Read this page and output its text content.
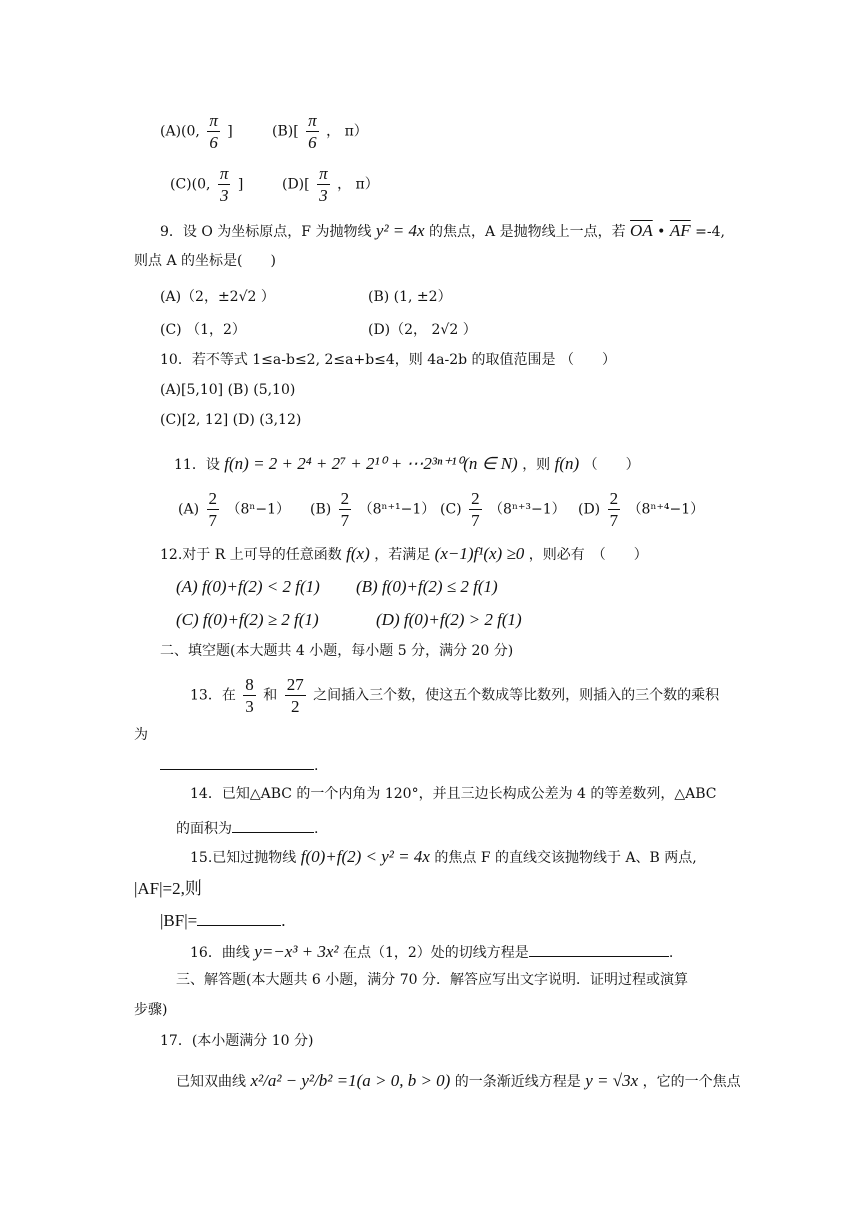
(A)(0, $\frac{\pi}{6}$ ]	$(B)[ \frac{\pi}{6}$ ， π）
(C)(0, $\frac{\pi}{3}$ ]	$(D)[ \frac{\pi}{3}$ ， π）
9．设 O 为坐标原点，F 为抛物线 y² = 4x 的焦点，A 是抛物线上一点，若 $\overline{OA}$ • $\overline{AF} =-4$,
则点 A 的坐标是(　　)
(A)（2，±2√2 ）	(B) (1, ±2）
(C) （1，2）	(D)（2， 2√2 ）
10．若不等式 1≤a-b≤2, 2≤a+b≤4，则 4a-2b 的取值范围是 （　　）
(A)[5,10] (B) (5,10)
(C)[2, 12] (D) (3,12)
11．设 f(n) = 2 + 2⁴ + 2⁷ + 2¹⁰ + ⋯2³ⁿ⁺¹⁰(n ∈ N) ，则 f(n) （　　）
$(A) \frac{2}{7} (8^n-1)$ $(B) \frac{2}{7} (8^{n+1}-1)$ $(C) \frac{2}{7} (8^{n+3}-1)$ $(D) \frac{2}{7} (8^{n+4}-1)$
12.对于 R 上可导的任意函数 f(x) ，若满足 (x−1)f¹(x) ≥0 ，则必有　（　　）
(A) f(0)+f(2) < 2 f(1) (B) f(0)+f(2) ≤ 2 f(1)
(C) f(0)+f(2) ≥ 2 f(1)	(D) f(0)+f(2) > 2 f(1)
二、填空题(本大题共 4 小题，每小题 5 分，满分 20 分)
13．在 $\frac{8}{3}$ 和 $\frac{27}{2}$ 之间插入三个数，使这五个数成等比数列，则插入的三个数的乘积
为
.
14．已知△ABC 的一个内角为 120°，并且三边长构成公差为 4 的等差数列，△ABC
的面积为	.
15.已知过抛物线 f(0)+f(2) < y² = 4x 的焦点 F 的直线交该抛物线于 A、B 两点,
|AF|=2,则
|BF|=	.
16．曲线 y=−x³ + 3x² 在点（1，2）处的切线方程是	.
三、解答题(本大题共 6 小题，满分 70 分．解答应写出文字说明．证明过程或演算
步骤)
17．(本小题满分 10 分)
已知双曲线 x²/a² − y²/b² =1(a > 0, b > 0) 的一条渐近线方程是 y = √3x ，它的一个焦点
